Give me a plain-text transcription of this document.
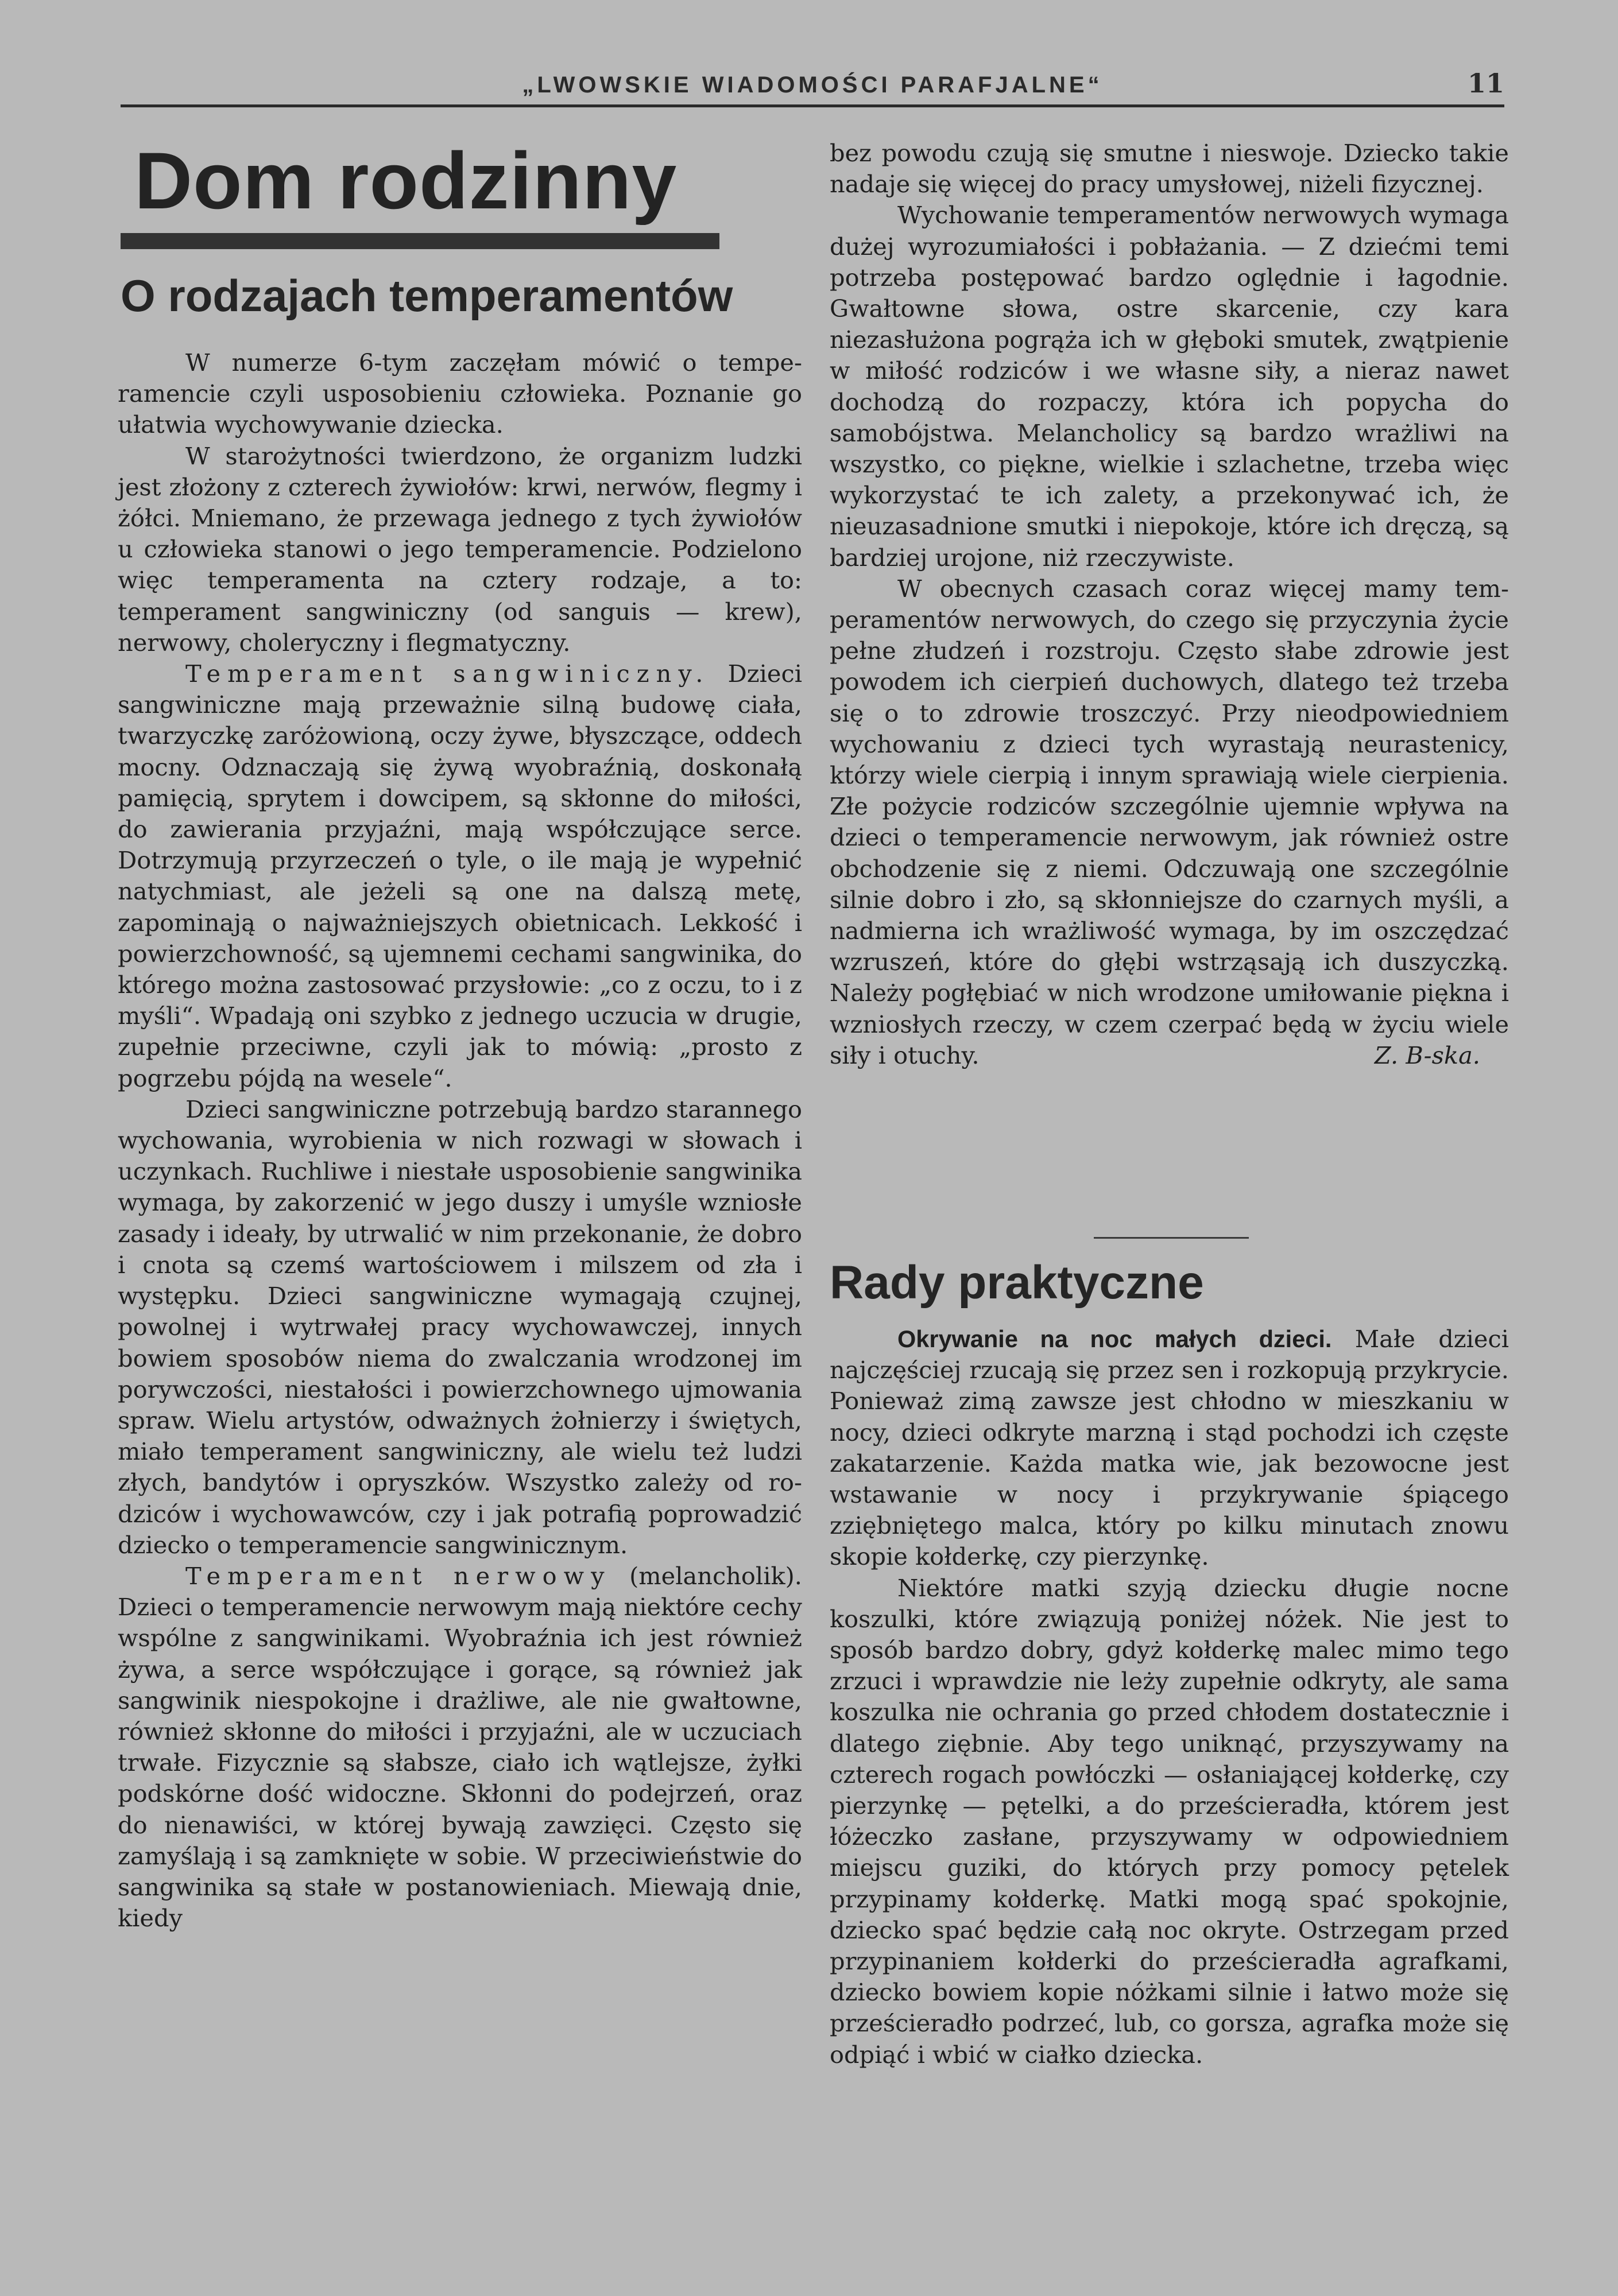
„LWOWSKIE WIADOMOŚCI PARAFJALNE“	11
Dom rodzinny
O rodzajach temperamentów

W numerze 6-tym zaczęłam mówić o temperamencie czyli usposobieniu człowieka. Poznanie go ułatwia wychowywanie dziecka.

W starożytności twierdzono, że organizm ludzki jest złożony z czterech żywiołów: krwi, nerwów, flegmy i żółci. Mniemano, że przewaga jednego z tych żywiołów u człowieka stanowi o jego temperamencie. Podzielono więc temperamenta na cztery rodzaje, a to: temperament sangwiniczny (od sanguis — krew), nerwowy, choleryczny i flegmatyczny.

Temperament sangwiniczny. Dzieci sangwiniczne mają przeważnie silną budowę ciała, twarzyczkę zaróżowioną, oczy żywe, błyszczące, oddech mocny. Odznaczają się żywą wyobraźnią, doskonałą pamięcią, sprytem i dowcipem, są skłonne do miłości, do zawierania przyjaźni, mają współczujące serce. Dotrzymują przyrzeczeń o tyle, o ile mają je wypełnić natychmiast, ale jeżeli są one na dalszą metę, zapominają o najważniejszych obietnicach. Lekkość i powierzchowność, są ujemnemi cechami sangwinika, do którego można zastosować przysłowie: „co z oczu, to i z myśli“. Wpadają oni szybko z jednego uczucia w drugie, zupełnie przeciwne, czyli jak to mówią: „prosto z pogrzebu pójdą na wesele“.

Dzieci sangwiniczne potrzebują bardzo starannego wychowania, wyrobienia w nich rozwagi w słowach i uczynkach. Ruchliwe i niestałe usposobienie sangwinika wymaga, by zakorzenić w jego duszy i umyśle wzniosłe zasady i ideały, by utrwalić w nim przekonanie, że dobro i cnota są czemś wartościowem i milszem od zła i występku. Dzieci sangwiniczne wymagają czujnej, powolnej i wytrwałej pracy wychowawczej, innych bowiem sposobów niema do zwalczania wrodzonej im porywczości, niestałości i powierzchownego ujmowania spraw. Wielu artystów, odważnych żołnierzy i świętych, miało temperament sangwiniczny, ale wielu też ludzi złych, bandytów i opryszków. Wszystko zależy od rodziców i wychowawców, czy i jak potrafią poprowadzić dziecko o temperamencie sangwinicznym.

Temperament nerwowy (melancholik). Dzieci o temperamencie nerwowym mają niektóre cechy wspólne z sangwinikami. Wyobraźnia ich jest również żywa, a serce współczujące i gorące, są również jak sangwinik niespokojne i drażliwe, ale nie gwałtowne, również skłonne do miłości i przyjaźni, ale w uczuciach trwałe. Fizycznie są słabsze, ciało ich wątlejsze, żyłki podskórne dość widoczne. Skłonni do podejrzeń, oraz do nienawiści, w której bywają zawzięci. Często się zamyślają i są zamknięte w sobie. W przeciwieństwie do sangwinika są stałe w postanowieniach. Miewają dnie, kiedy

bez powodu czują się smutne i nieswoje. Dziecko takie nadaje się więcej do pracy umysłowej, niżeli fizycznej.

Wychowanie temperamentów nerwowych wymaga dużej wyrozumiałości i pobłażania. — Z dziećmi temi potrzeba postępować bardzo oględnie i łagodnie. Gwałtowne słowa, ostre skarcenie, czy kara niezasłużona pogrąża ich w głęboki smutek, zwątpienie w miłość rodziców i we własne siły, a nieraz nawet dochodzą do rozpaczy, która ich popycha do samobójstwa. Melancholicy są bardzo wrażliwi na wszystko, co piękne, wielkie i szlachetne, trzeba więc wykorzystać te ich zalety, a przekonywać ich, że nieuzasadnione smutki i niepokoje, które ich dręczą, są bardziej urojone, niż rzeczywiste.

W obecnych czasach coraz więcej mamy temperamentów nerwowych, do czego się przyczynia życie pełne złudzeń i rozstroju. Często słabe zdrowie jest powodem ich cierpień duchowych, dlatego też trzeba się o to zdrowie troszczyć. Przy nieodpowiedniem wychowaniu z dzieci tych wyrastają neurastenicy, którzy wiele cierpią i innym sprawiają wiele cierpienia. Złe pożycie rodziców szczególnie ujemnie wpływa na dzieci o temperamencie nerwowym, jak również ostre obchodzenie się z niemi. Odczuwają one szczególnie silnie dobro i zło, są skłonniejsze do czarnych myśli, a nadmierna ich wrażliwość wymaga, by im oszczędzać wzruszeń, które do głębi wstrząsają ich duszyczką. Należy pogłębiać w nich wrodzone umiłowanie piękna i wzniosłych rzeczy, w czem czerpać będą w życiu wiele siły i otuchy.	Z. B-ska.

Rady praktyczne

Okrywanie na noc małych dzieci. Małe dzieci najczęściej rzucają się przez sen i rozkopują przykrycie. Ponieważ zimą zawsze jest chłodno w mieszkaniu w nocy, dzieci odkryte marzną i stąd pochodzi ich częste zakatarzenie. Każda matka wie, jak bezowocne jest wstawanie w nocy i przykrywanie śpiącego zziębniętego malca, który po kilku minutach znowu skopie kołderkę, czy pierzynkę.

Niektóre matki szyją dziecku długie nocne koszulki, które związują poniżej nóżek. Nie jest to sposób bardzo dobry, gdyż kołderkę malec mimo tego zrzuci i wprawdzie nie leży zupełnie odkryty, ale sama koszulka nie ochrania go przed chłodem dostatecznie i dlatego ziębnie. Aby tego uniknąć, przyszywamy na czterech rogach powłóczki — osłaniającej kołderkę, czy pierzynkę — pętelki, a do prześcieradła, którem jest łóżeczko zasłane, przyszywamy w odpowiedniem miejscu guziki, do których przy pomocy pętelek przypinamy kołderkę. Matki mogą spać spokojnie, dziecko spać będzie całą noc okryte. Ostrzegam przed przypinaniem kołderki do prześcieradła agrafkami, dziecko bowiem kopie nóżkami silnie i łatwo może się prześcieradło podrzeć, lub, co gorsza, agrafka może się odpiąć i wbić w ciałko dziecka.
